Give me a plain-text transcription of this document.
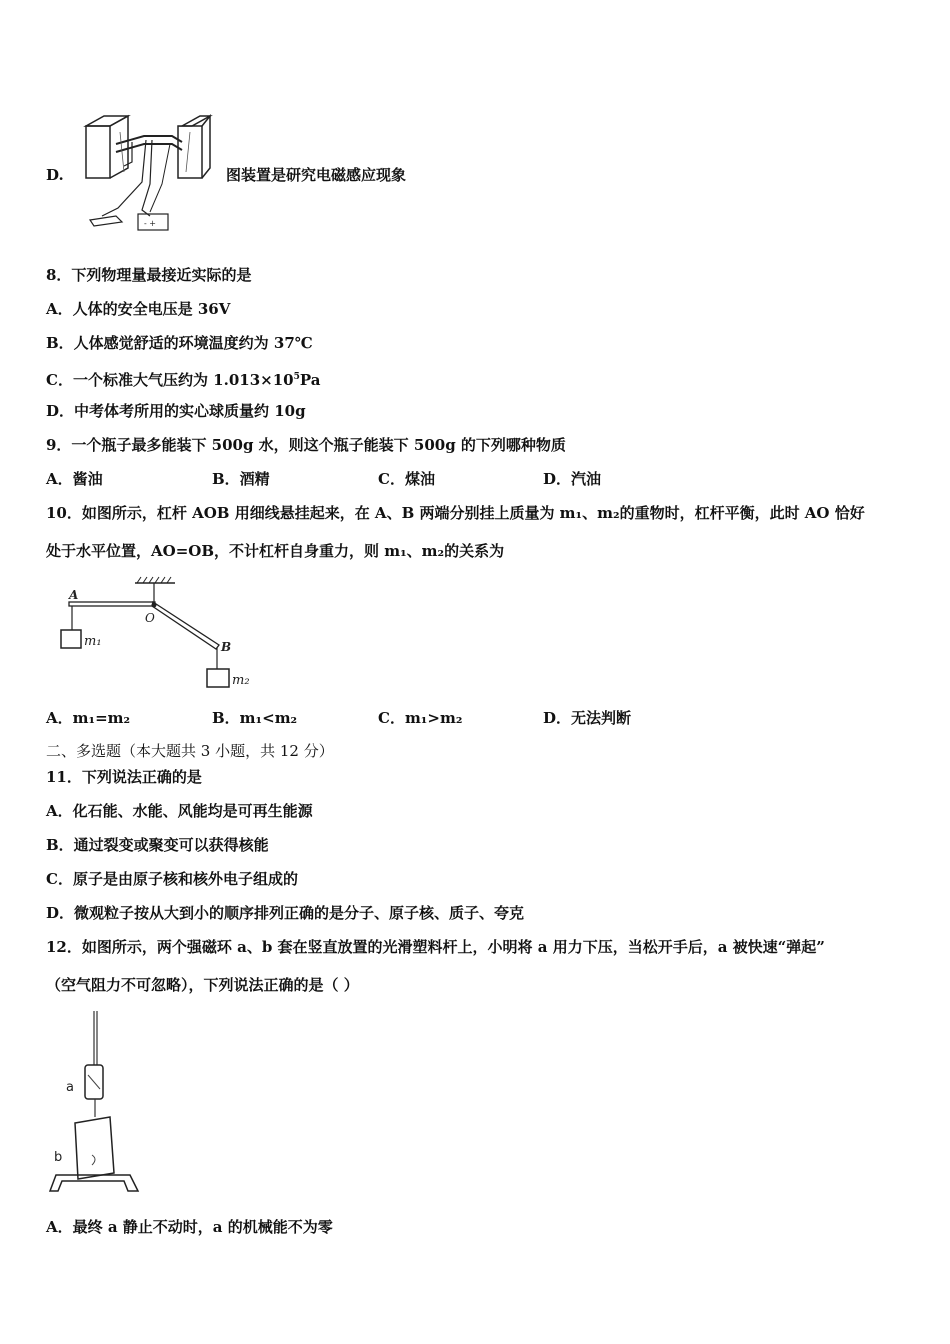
D.
- +
图装置是研究电磁感应现象
8．下列物理量最接近实际的是
A．人体的安全电压是 36V
B．人体感觉舒适的环境温度约为 37℃
C．一个标准大气压约为 $1.013\times 10^5Pa$
D．中考体考所用的实心球质量约 10g
9．一个瓶子最多能装下 500g 水，则这个瓶子能装下 500g 的下列哪种物质
A．酱油	B．酒精	C．煤油	D．汽油
10．如图所示，杠杆 AOB 用细线悬挂起来，在 A、B 两端分别挂上质量为 m₁、m₂的重物时，杠杆平衡，此时 AO 恰好
处于水平位置，AO=OB，不计杠杆自身重力，则 m₁、m₂的关系为
A
O
B
m₁
m₂
A．m₁=m₂	B．m₁<m₂	C．m₁>m₂	D．无法判断
二、多选题（本大题共 3 小题，共 12 分）
11．下列说法正确的是
A．化石能、水能、风能均是可再生能源
B．通过裂变或聚变可以获得核能
C．原子是由原子核和核外电子组成的
D．微观粒子按从大到小的顺序排列正确的是分子、原子核、质子、夸克
12．如图所示，两个强磁环 a、b 套在竖直放置的光滑塑料杆上，小明将 a 用力下压，当松开手后，a 被快速“弹起”
（空气阻力不可忽略），下列说法正确的是（ ）
a
b
A．最终 a 静止不动时，a 的机械能不为零
